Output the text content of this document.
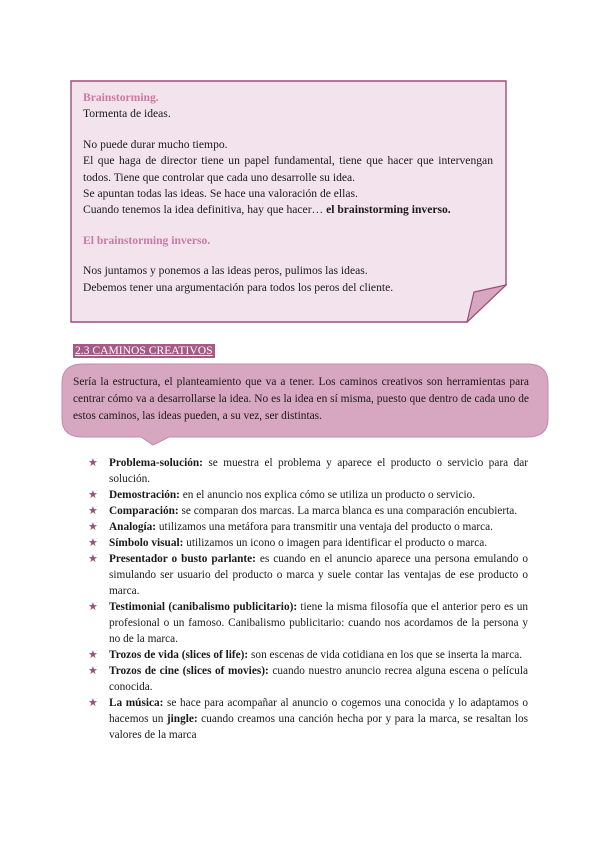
Brainstorming.

Tormenta de ideas.

No puede durar mucho tiempo.

El que haga de director tiene un papel fundamental, tiene que hacer que intervengan todos. Tiene que controlar que cada uno desarrolle su idea.

Se apuntan todas las ideas. Se hace una valoración de ellas.

Cuando tenemos la idea definitiva, hay que hacer… el brainstorming inverso.

El brainstorming inverso.

Nos juntamos y ponemos a las ideas peros, pulimos las ideas.

Debemos tener una argumentación para todos los peros del cliente.

2.3 CAMINOS CREATIVOS
Sería la estructura, el planteamiento que va a tener. Los caminos creativos son herramientas para centrar cómo va a desarrollarse la idea. No es la idea en sí misma, puesto que dentro de cada uno de estos caminos, las ideas pueden, a su vez, ser distintas.
★ Problema-solución: se muestra el problema y aparece el producto o servicio para dar solución.
★ Demostración: en el anuncio nos explica cómo se utiliza un producto o servicio.
★ Comparación: se comparan dos marcas. La marca blanca es una comparación encubierta.
★ Analogía: utilizamos una metáfora para transmitir una ventaja del producto o marca.
★ Símbolo visual: utilizamos un icono o imagen para identificar el producto o marca.
★ Presentador o busto parlante: es cuando en el anuncio aparece una persona emulando o simulando ser usuario del producto o marca y suele contar las ventajas de ese producto o marca.
★ Testimonial (canibalismo publicitario): tiene la misma filosofía que el anterior pero es un profesional o un famoso. Canibalismo publicitario: cuando nos acordamos de la persona y no de la marca.
★ Trozos de vida (slices of life): son escenas de vida cotidiana en los que se inserta la marca.
★ Trozos de cine (slices of movies): cuando nuestro anuncio recrea alguna escena o película conocida.
★ La música: se hace para acompañar al anuncio o cogemos una conocida y lo adaptamos o hacemos un jingle: cuando creamos una canción hecha por y para la marca, se resaltan los valores de la marca
